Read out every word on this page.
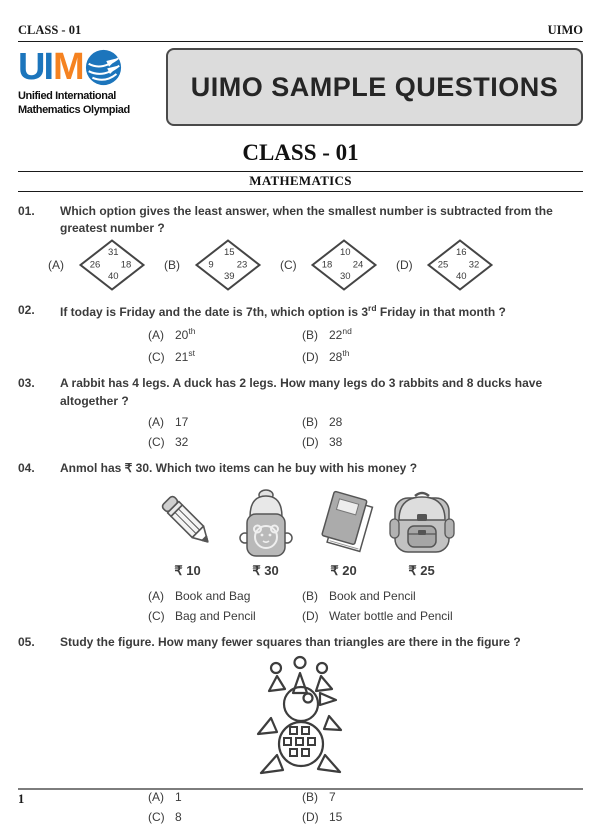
CLASS - 01	UIMO
UI M
Unified International
Mathematics Olympiad
UIMO SAMPLE QUESTIONS
CLASS - 01
MATHEMATICS
01.	Which option gives the least answer, when the smallest number is subtracted from the greatest number ?
(A)
31
26 18
40
(B)
15
9 23
39
(C)
10
18 24
30
(D)
16
25 32
40
02.	If today is Friday and the date is 7th, which option is 3rd Friday in that month ?
(A) 20th	(B) 22nd
(C) 21st	(D) 28th
03.	A rabbit has 4 legs. A duck has 2 legs. How many legs do 3 rabbits and 8 ducks have altogether ?
(A) 17	(B) 28
(C) 32	(D) 38
04.	Anmol has ₹ 30. Which two items can he buy with his money ?
₹ 10	₹ 30	₹ 20	₹ 25
(A) Book and Bag	(B) Book and Pencil
(C) Bag and Pencil	(D) Water bottle and Pencil
05.	Study the figure. How many fewer squares than triangles are there in the figure ?
(A) 1	(B) 7
(C) 8	(D) 15
1
